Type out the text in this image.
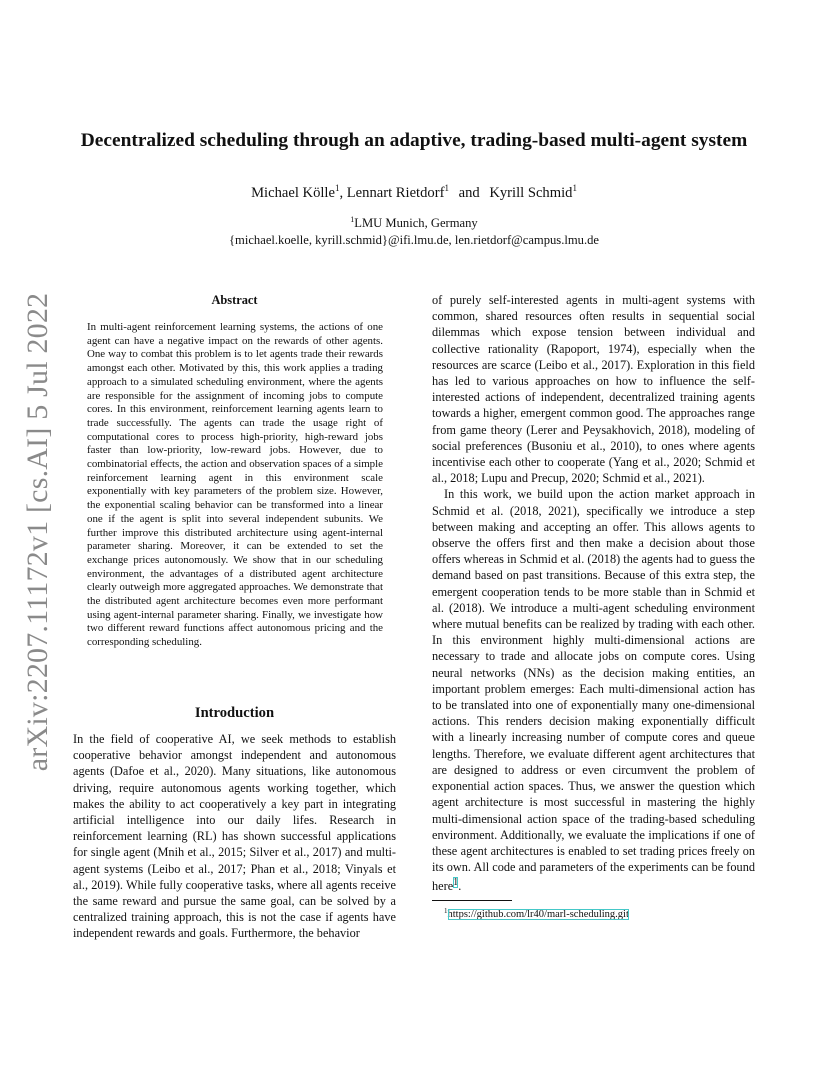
arXiv:2207.11172v1 [cs.AI] 5 Jul 2022
Decentralized scheduling through an adaptive, trading-based multi-agent system
Michael Kölle$^1$, Lennart Rietdorf$^1$ and Kyrill Schmid$^1$
$^1$LMU Munich, Germany
{michael.koelle, kyrill.schmid}@ifi.lmu.de, len.rietdorf@campus.lmu.de
Abstract

In multi-agent reinforcement learning systems, the actions of one agent can have a negative impact on the rewards of other agents. One way to combat this problem is to let agents trade their rewards amongst each other. Motivated by this, this work applies a trading approach to a simulated scheduling environment, where the agents are responsible for the assignment of incoming jobs to compute cores. In this environment, reinforcement learning agents learn to trade successfully. The agents can trade the usage right of computational cores to process high-priority, high-reward jobs faster than low-priority, low-reward jobs. However, due to combinatorial effects, the action and observation spaces of a simple reinforcement learning agent in this environment scale exponentially with key parameters of the problem size. However, the exponential scaling behavior can be transformed into a linear one if the agent is split into several independent subunits. We further improve this distributed architecture using agent-internal parameter sharing. Moreover, it can be extended to set the exchange prices autonomously. We show that in our scheduling environment, the advantages of a distributed agent architecture clearly outweigh more aggregated approaches. We demonstrate that the distributed agent architecture becomes even more performant using agent-internal parameter sharing. Finally, we investigate how two different reward functions affect autonomous pricing and the corresponding scheduling.

Introduction

In the field of cooperative AI, we seek methods to establish cooperative behavior amongst independent and autonomous agents (Dafoe et al., 2020). Many situations, like autonomous driving, require autonomous agents working together, which makes the ability to act cooperatively a key part in integrating artificial intelligence into our daily lifes. Research in reinforcement learning (RL) has shown successful applications for single agent (Mnih et al., 2015; Silver et al., 2017) and multi-agent systems (Leibo et al., 2017; Phan et al., 2018; Vinyals et al., 2019). While fully cooperative tasks, where all agents receive the same reward and pursue the same goal, can be solved by a centralized training approach, this is not the case if agents have independent rewards and goals. Furthermore, the behavior

of purely self-interested agents in multi-agent systems with common, shared resources often results in sequential social dilemmas which expose tension between individual and collective rationality (Rapoport, 1974), especially when the resources are scarce (Leibo et al., 2017). Exploration in this field has led to various approaches on how to influence the self-interested actions of independent, decentralized training agents towards a higher, emergent common good. The approaches range from game theory (Lerer and Peysakhovich, 2018), modeling of social preferences (Busoniu et al., 2010), to ones where agents incentivise each other to cooperate (Yang et al., 2020; Schmid et al., 2018; Lupu and Precup, 2020; Schmid et al., 2021).

In this work, we build upon the action market approach in Schmid et al. (2018, 2021), specifically we introduce a step between making and accepting an offer. This allows agents to observe the offers first and then make a decision about those offers whereas in Schmid et al. (2018) the agents had to guess the demand based on past transitions. Because of this extra step, the emergent cooperation tends to be more stable than in Schmid et al. (2018). We introduce a multi-agent scheduling environment where mutual benefits can be realized by trading with each other. In this environment highly multi-dimensional actions are necessary to trade and allocate jobs on compute cores. Using neural networks (NNs) as the decision making entities, an important problem emerges: Each multi-dimensional action has to be translated into one of exponentially many one-dimensional actions. This renders decision making exponentially difficult with a linearly increasing number of compute cores and queue lengths. Therefore, we evaluate different agent architectures that are designed to address or even circumvent the problem of exponential action spaces. Thus, we answer the question which agent architecture is most successful in mastering the highly multi-dimensional action space of the trading-based scheduling environment. Additionally, we evaluate the implications if one of these agent architectures is enabled to set trading prices freely on its own. All code and parameters of the experiments can be found here$^1$.

$^1$https://github.com/lr40/marl-scheduling.git
